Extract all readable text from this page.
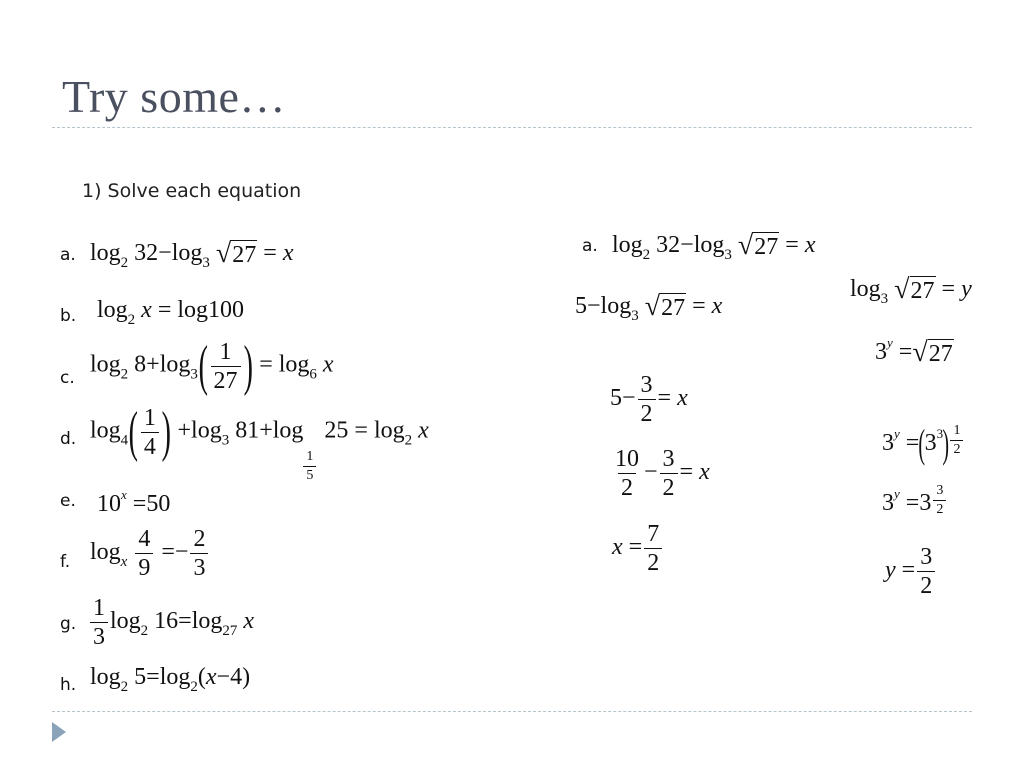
Try some…
1) Solve each equation
a.
b.
c.
d.
e.
f.
g.
h.
$\log_2 32-\log_3$ √ 27 = x
$\log_2 x = \log 100$
$\log_2 8+\log_3( \frac{1}{27}$ ) = $\log_6 x$
$\log_4( \frac{1}{4}$ ) $+\log_3$ 81+log
$\frac{1}{5}$
$25 = \log_2 x$
$10^x =50$
$\log_x \frac{4}{9} =- \frac{2}{3}$
$\frac{1}{3} \log_2 16=\log_{27}$ x
$\log_2 5=\log_2(x-4)$
a. $\log_2 32-\log_3$ √ 27 = x
$5-\log_3$ √ 27 = x
$\log_3$ √ 27 = y
$3^y$ = √ 27
$5- \frac{3}{2} = x$
$\frac{10}{2} - \frac{3}{2} = x$
$x = \frac{7}{2}$
$3^y =(3^3) \frac{1}{2}$
$3^y =3 \frac{3}{2}$
$y = \frac{3}{2}$
